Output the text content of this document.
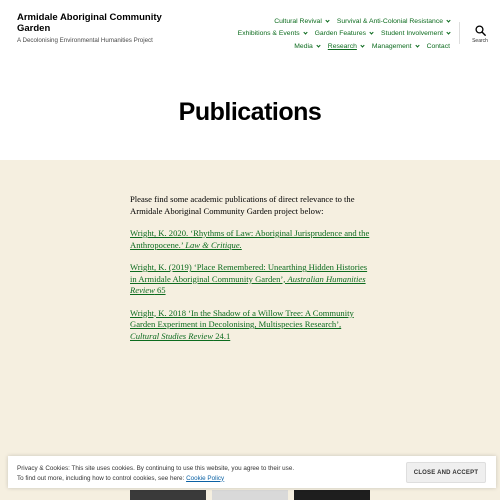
Armidale Aboriginal Community Garden
A Decolonising Environmental Humanities Project
Cultural Revival Survival & Anti-Colonial Resistance
Exhibitions & Events Garden Features Student Involvement
Media Research Management Contact
Search
Publications

Please find some academic publications of direct relevance to the Armidale Aboriginal Community Garden project below:

Wright, K. 2020. ‘Rhythms of Law: Aboriginal Jurisprudence and the Anthropocene.’ Law & Critique.

Wright, K. (2019) ‘Place Remembered: Unearthing Hidden Histories in Armidale Aboriginal Community Garden’, Australian Humanities Review 65

Wright, K. 2018 ‘In the Shadow of a Willow Tree: A Community Garden Experiment in Decolonising, Multispecies Research’, Cultural Studies Review 24.1

Privacy & Cookies: This site uses cookies. By continuing to use this website, you agree to their use.
To find out more, including how to control cookies, see here: Cookie Policy
CLOSE AND ACCEPT
